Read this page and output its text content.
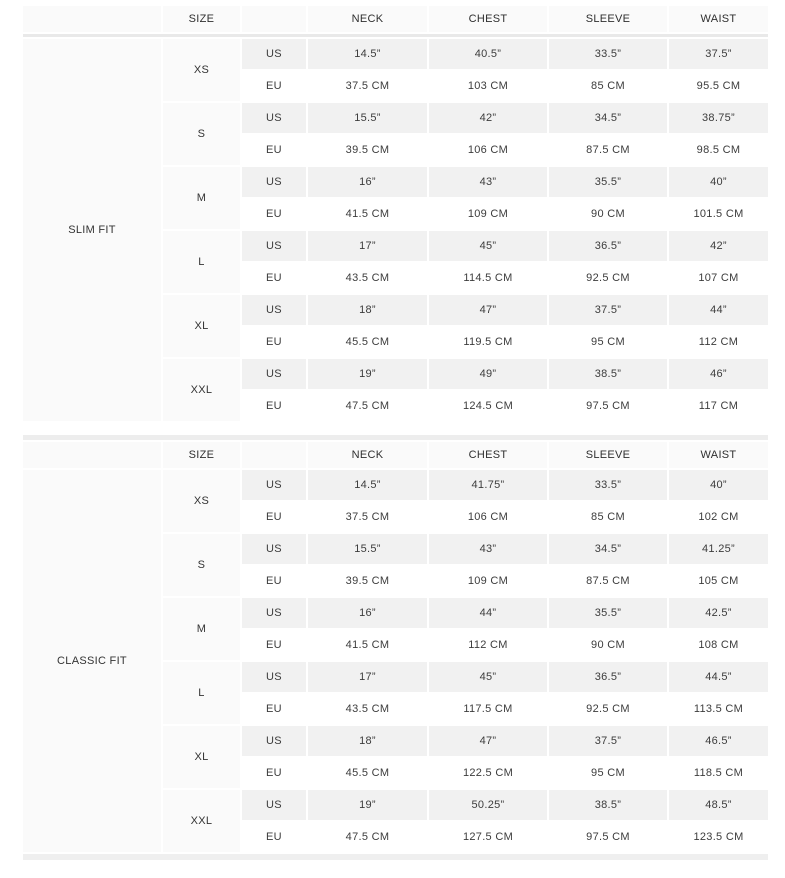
	SIZE		NECK	CHEST	SLEEVE	WAIST

SLIM FIT	XS	US	14.5”	40.5”	33.5”	37.5”
		EU	37.5 CM	103 CM	85 CM	95.5 CM
	S	US	15.5”	42”	34.5”	38.75”
		EU	39.5 CM	106 CM	87.5 CM	98.5 CM
	M	US	16”	43”	35.5”	40”
		EU	41.5 CM	109 CM	90 CM	101.5 CM
	L	US	17”	45”	36.5”	42”
		EU	43.5 CM	114.5 CM	92.5 CM	107 CM
	XL	US	18”	47”	37.5”	44”
		EU	45.5 CM	119.5 CM	95 CM	112 CM
	XXL	US	19”	49”	38.5”	46”
		EU	47.5 CM	124.5 CM	97.5 CM	117 CM

	SIZE		NECK	CHEST	SLEEVE	WAIST
CLASSIC FIT	XS	US	14.5”	41.75”	33.5”	40”
		EU	37.5 CM	106 CM	85 CM	102 CM
	S	US	15.5”	43”	34.5”	41.25”
		EU	39.5 CM	109 CM	87.5 CM	105 CM
	M	US	16”	44”	35.5”	42.5”
		EU	41.5 CM	112 CM	90 CM	108 CM
	L	US	17”	45”	36.5”	44.5”
		EU	43.5 CM	117.5 CM	92.5 CM	113.5 CM
	XL	US	18”	47”	37.5”	46.5”
		EU	45.5 CM	122.5 CM	95 CM	118.5 CM
	XXL	US	19”	50.25”	38.5”	48.5”
		EU	47.5 CM	127.5 CM	97.5 CM	123.5 CM
